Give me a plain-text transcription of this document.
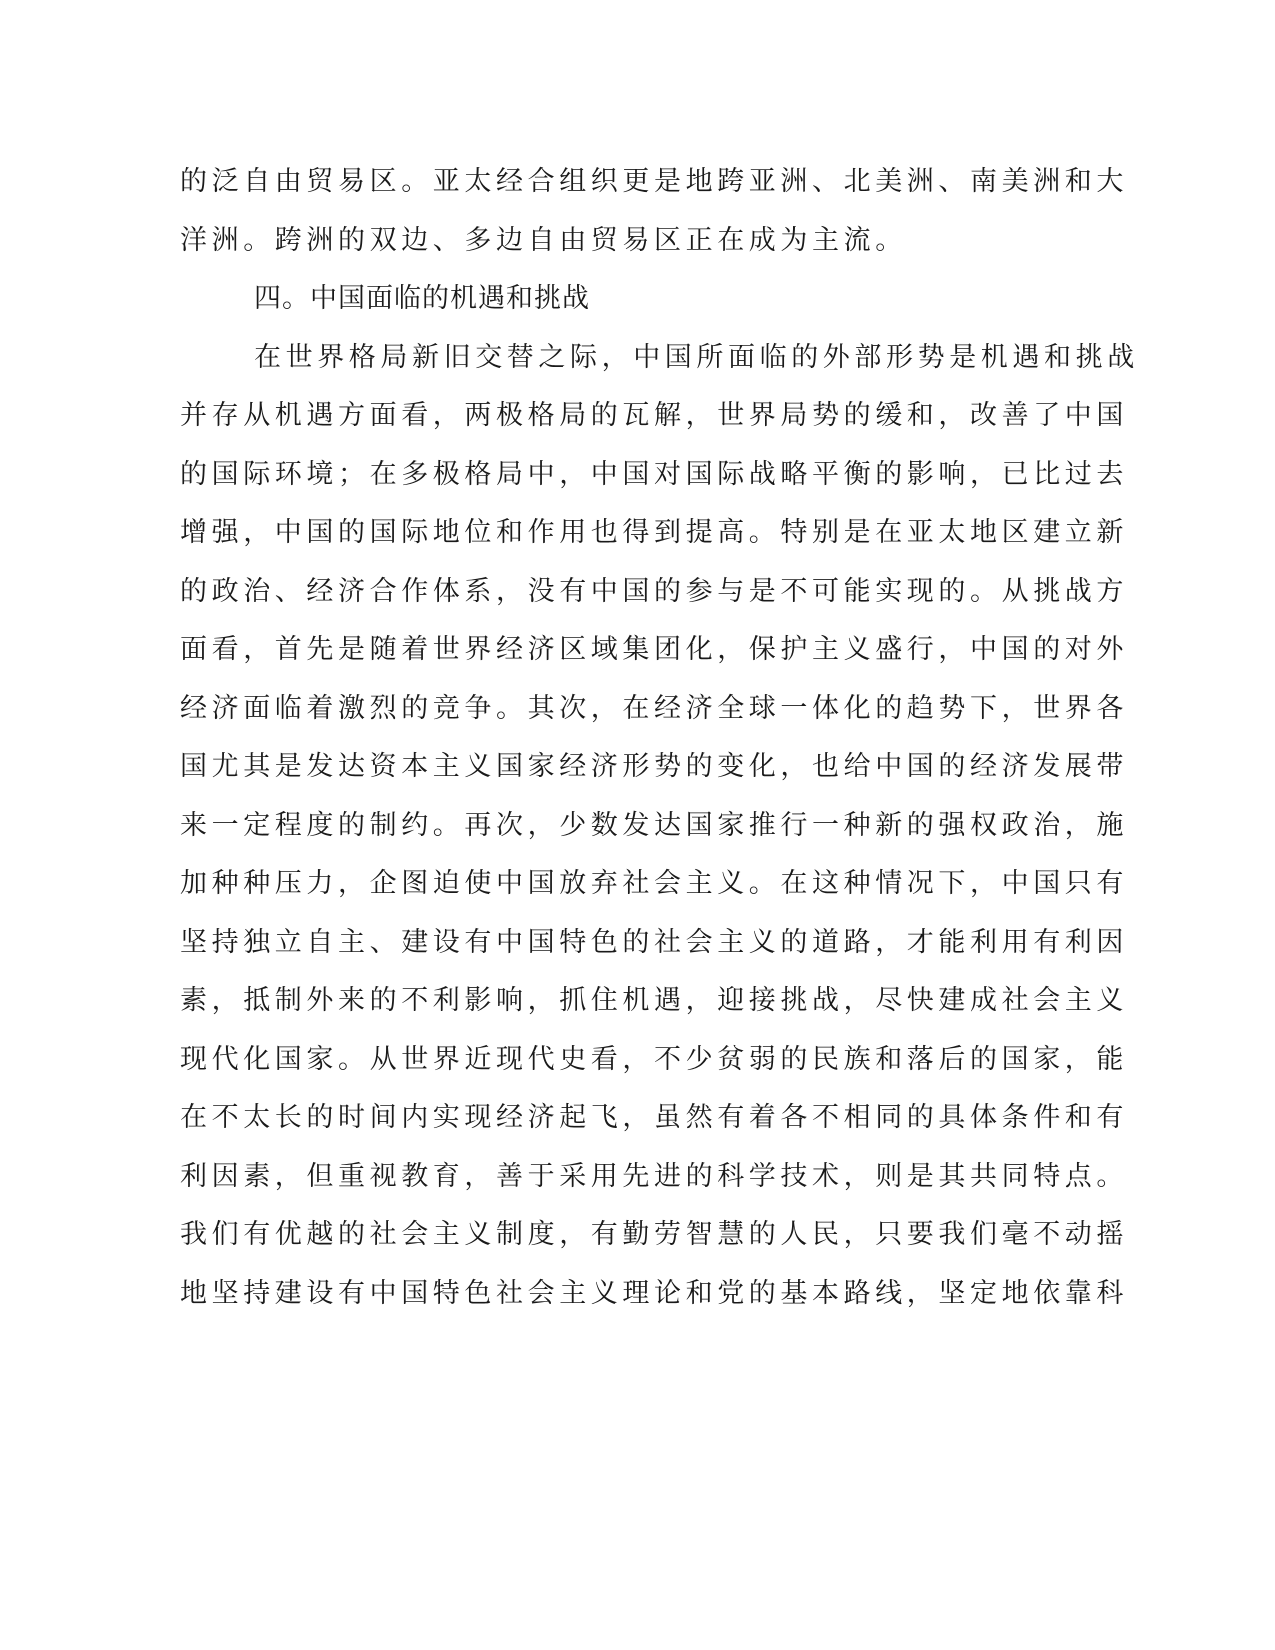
的泛自由贸易区。亚太经合组织更是地跨亚洲、北美洲、南美洲和大
洋洲。跨洲的双边、多边自由贸易区正在成为主流。
四。中国面临的机遇和挑战
在世界格局新旧交替之际，中国所面临的外部形势是机遇和挑战
并存从机遇方面看，两极格局的瓦解，世界局势的缓和，改善了中国
的国际环境；在多极格局中，中国对国际战略平衡的影响，已比过去
增强，中国的国际地位和作用也得到提高。特别是在亚太地区建立新
的政治、经济合作体系，没有中国的参与是不可能实现的。从挑战方
面看，首先是随着世界经济区域集团化，保护主义盛行，中国的对外
经济面临着激烈的竞争。其次，在经济全球一体化的趋势下，世界各
国尤其是发达资本主义国家经济形势的变化，也给中国的经济发展带
来一定程度的制约。再次，少数发达国家推行一种新的强权政治，施
加种种压力，企图迫使中国放弃社会主义。在这种情况下，中国只有
坚持独立自主、建设有中国特色的社会主义的道路，才能利用有利因
素，抵制外来的不利影响，抓住机遇，迎接挑战，尽快建成社会主义
现代化国家。从世界近现代史看，不少贫弱的民族和落后的国家，能
在不太长的时间内实现经济起飞，虽然有着各不相同的具体条件和有
利因素，但重视教育，善于采用先进的科学技术，则是其共同特点。
我们有优越的社会主义制度，有勤劳智慧的人民，只要我们毫不动摇
地坚持建设有中国特色社会主义理论和党的基本路线，坚定地依靠科
